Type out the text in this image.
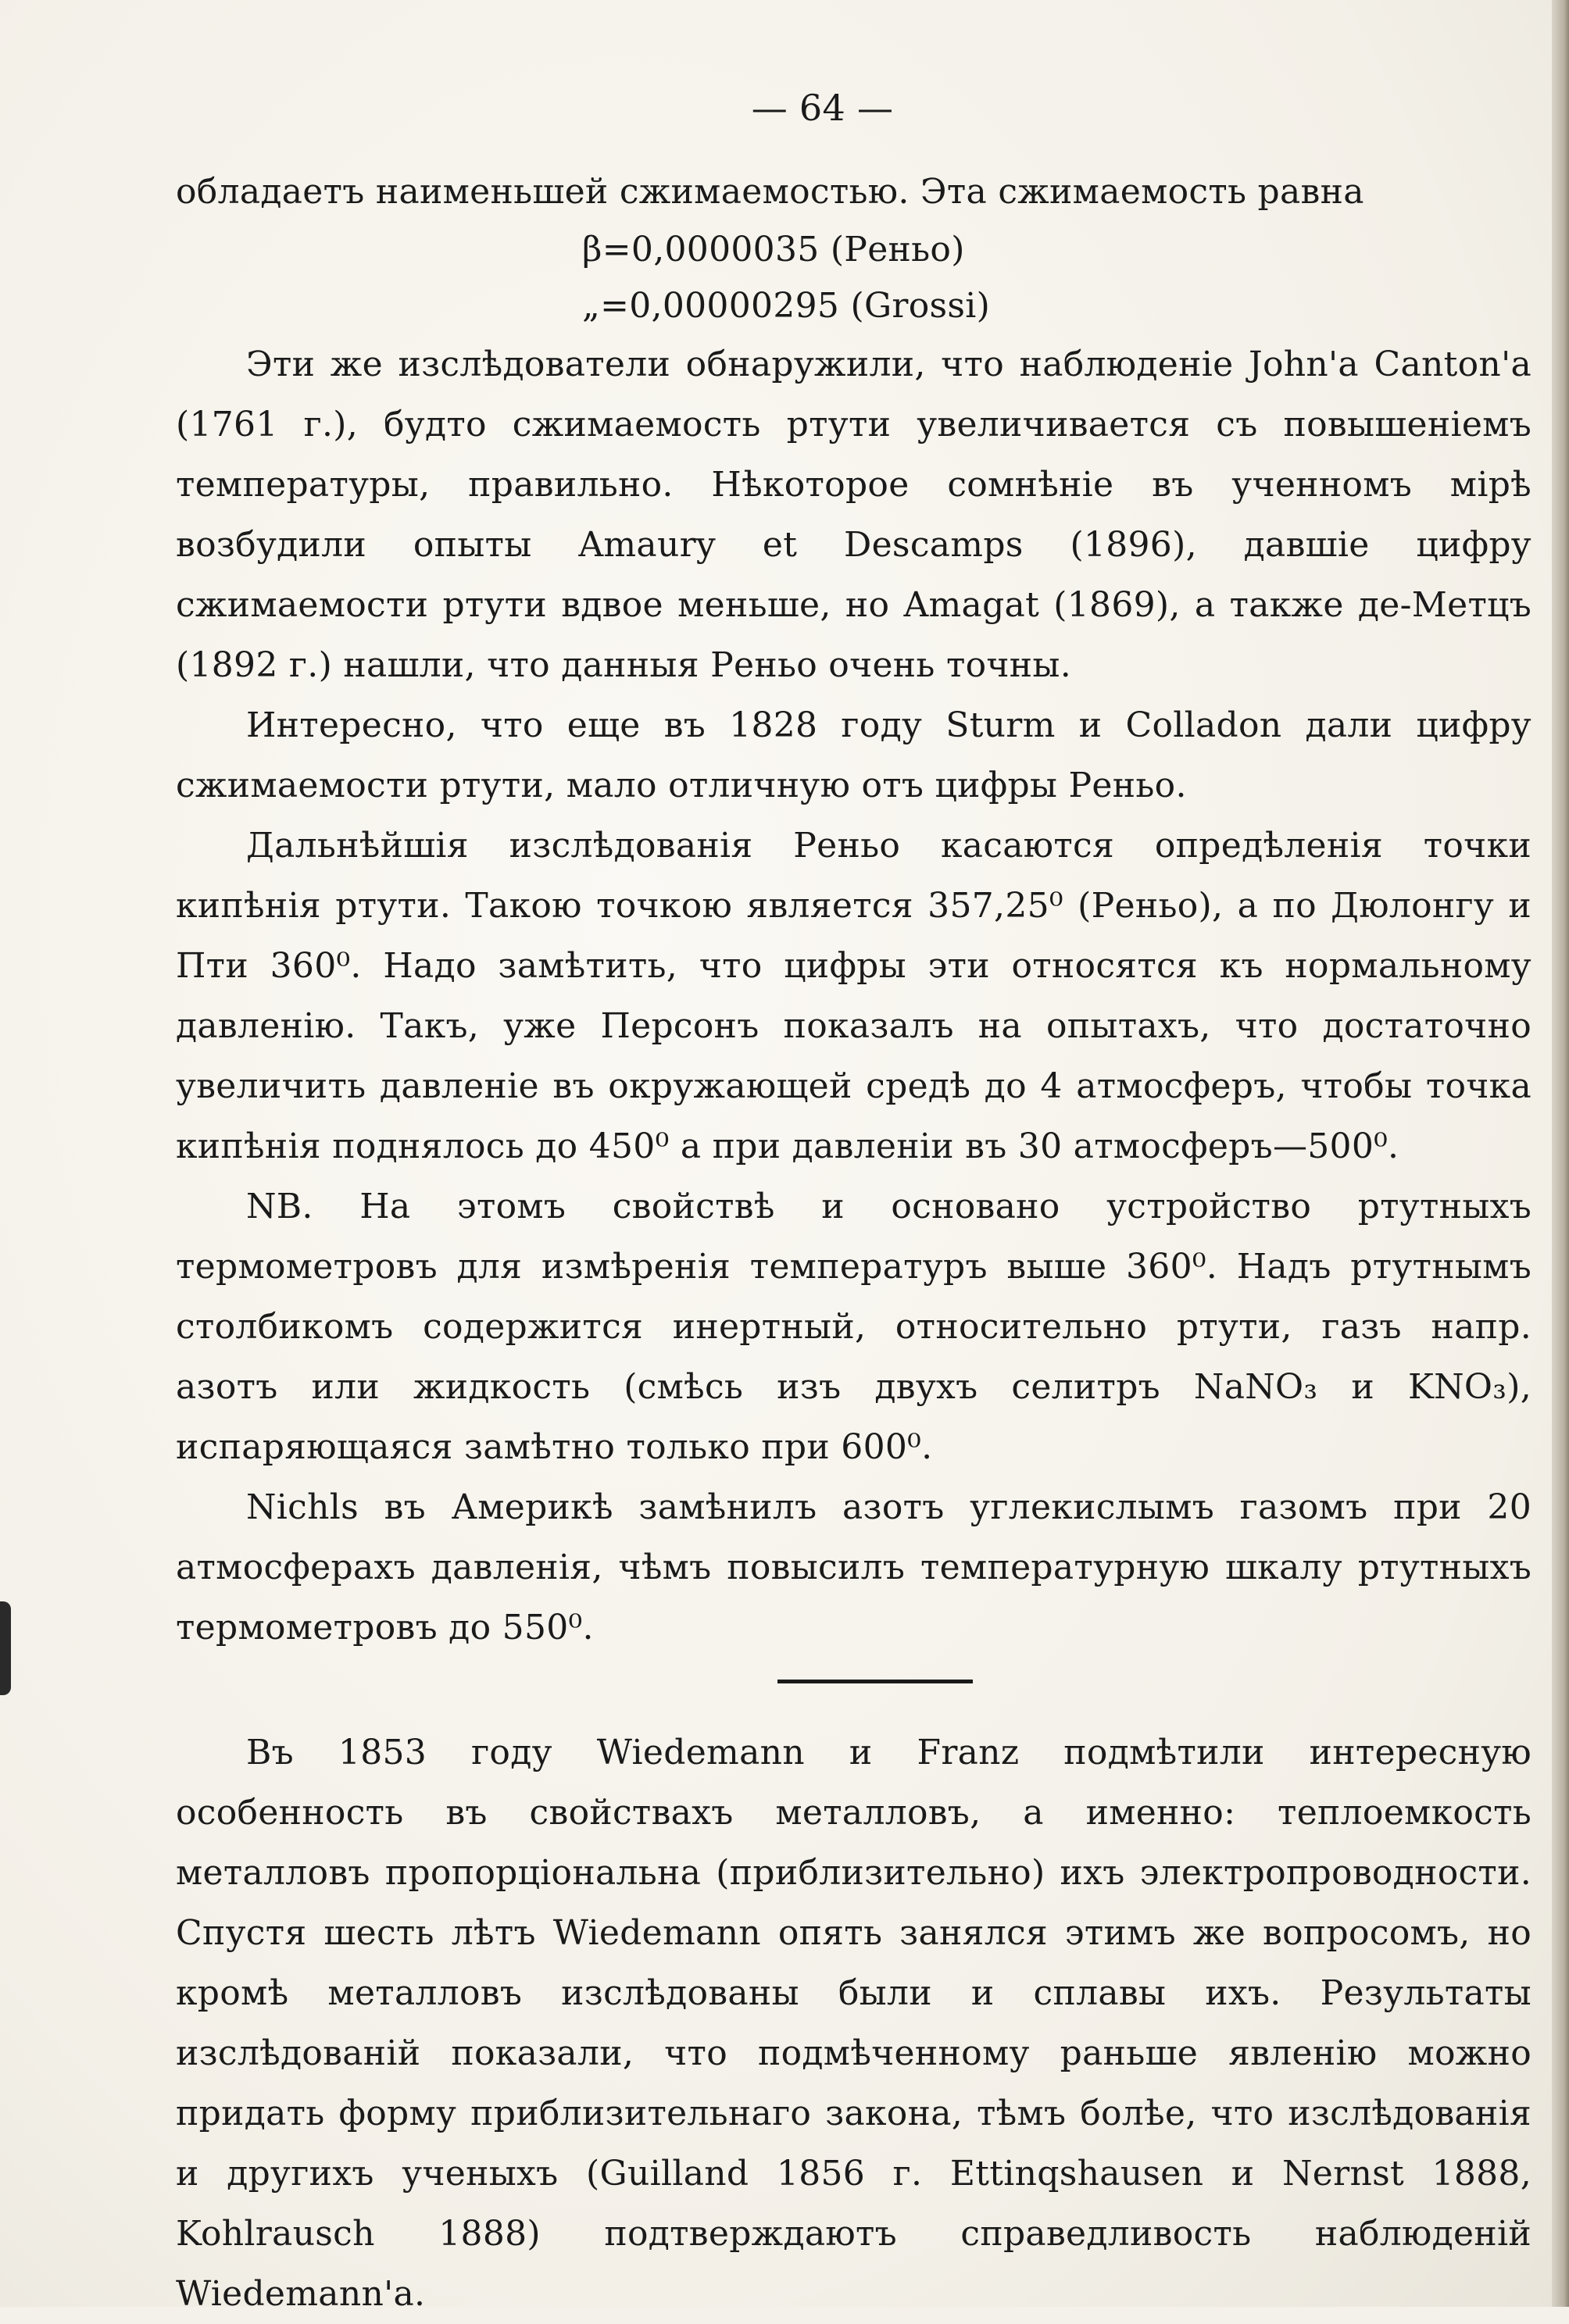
— 64 —

обладаетъ наименьшей сжимаемостью. Эта сжимаемость равна

β=0,0000035 (Реньо)

„=0,00000295 (Grossi)

Эти же изслѣдователи обнаружили, что наблюденіе John'а Canton'а (1761 г.), будто сжимаемость ртути увеличивается съ повышеніемъ температуры, правильно. Нѣкоторое сомнѣніе въ ученномъ мірѣ возбудили опыты Amaury et Descamps (1896), давшіе цифру сжимаемости ртути вдвое меньше, но Amagat (1869), а также де-Метцъ (1892 г.) нашли, что данныя Реньо очень точны.

Интересно, что еще въ 1828 году Sturm и Colladon дали цифру сжимаемости ртути, мало отличную отъ цифры Реньо.

Дальнѣйшія изслѣдованія Реньо касаются опредѣленія точки кипѣнія ртути. Такою точкою является 357,25⁰ (Реньо), а по Дюлонгу и Пти 360⁰. Надо замѣтить, что цифры эти относятся къ нормальному давленію. Такъ, уже Персонъ показалъ на опытахъ, что достаточно увеличить давленіе въ окружающей средѣ до 4 атмосферъ, чтобы точка кипѣнія поднялось до 450⁰ а при давленіи въ 30 атмосферъ—500⁰.

NB. На этомъ свойствѣ и основано устройство ртутныхъ термометровъ для измѣренія температуръ выше 360⁰. Надъ ртутнымъ столбикомъ содержится инертный, относительно ртути, газъ напр. азотъ или жидкость (смѣсь изъ двухъ селитръ NaNO₃ и KNO₃), испаряющаяся замѣтно только при 600⁰.

Nichls въ Америкѣ замѣнилъ азотъ углекислымъ газомъ при 20 атмосферахъ давленія, чѣмъ повысилъ температурную шкалу ртутныхъ термометровъ до 550⁰.

Въ 1853 году Wiedemann и Franz подмѣтили интересную особенность въ свойствахъ металловъ, а именно: теплоемкость металловъ пропорціональна (приблизительно) ихъ электропроводности. Спустя шесть лѣтъ Wiedemann опять занялся этимъ же вопросомъ, но кромѣ металловъ изслѣдованы были и сплавы ихъ. Результаты изслѣдованій показали, что подмѣченному раньше явленію можно придать форму приблизительнаго закона, тѣмъ болѣе, что изслѣдованія и другихъ ученыхъ (Guilland 1856 г. Ettinqshausen и Nernst 1888, Kohlrausch 1888) подтверждаютъ справедливость наблюденій Wiedemann'а.
